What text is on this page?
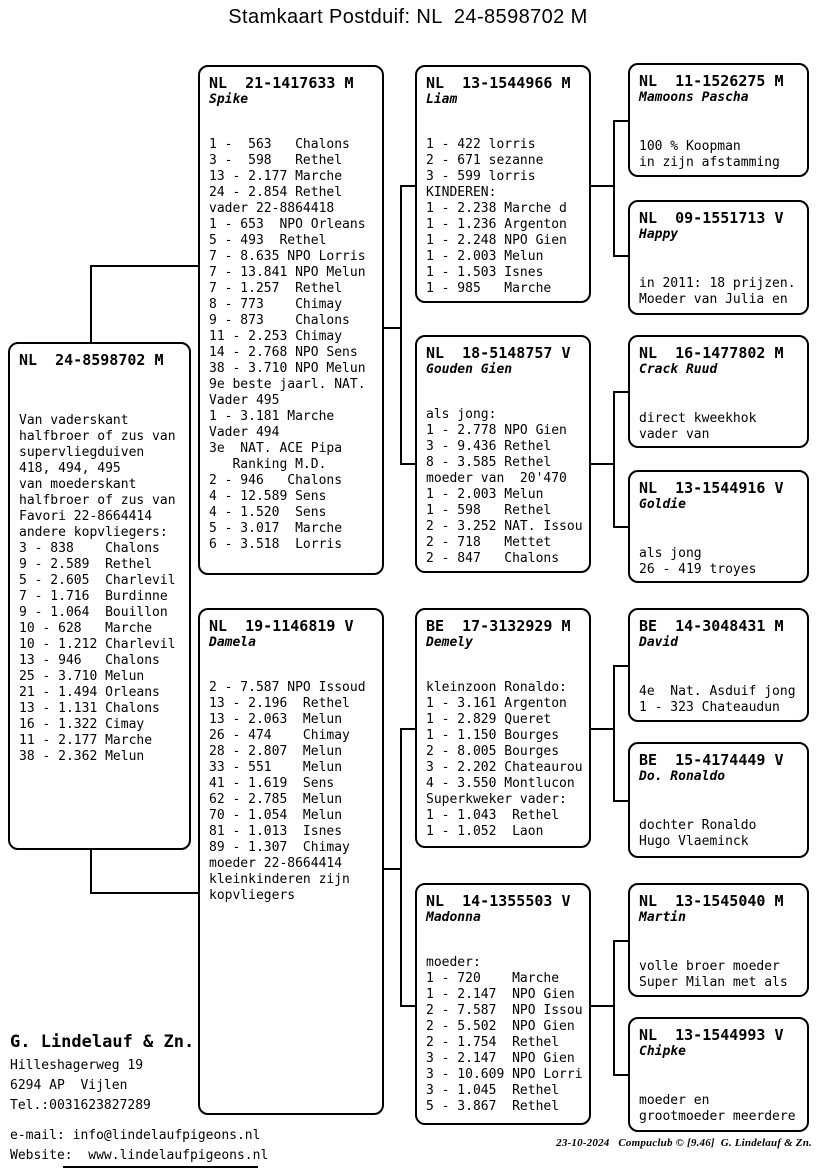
Stamkaart Postduif: NL  24-8598702 M
NL  24-8598702 M
Van vaderskant
halfbroer of zus van
supervliegduiven
418, 494, 495
van moederskant
halfbroer of zus van
Favori 22-8664414
andere kopvliegers:
3 - 838    Chalons
9 - 2.589  Rethel
5 - 2.605  Charlevil
7 - 1.716  Burdinne
9 - 1.064  Bouillon
10 - 628   Marche
10 - 1.212 Charlevil
13 - 946   Chalons
25 - 3.710 Melun
21 - 1.494 Orleans
13 - 1.131 Chalons
16 - 1.322 Cimay
11 - 2.177 Marche
38 - 2.362 Melun
NL  21-1417633 M
Spike
1 -  563   Chalons
3 -  598   Rethel
13 - 2.177 Marche
24 - 2.854 Rethel
vader 22-8864418
1 - 653  NPO Orleans
5 - 493  Rethel
7 - 8.635 NPO Lorris
7 - 13.841 NPO Melun
7 - 1.257  Rethel
8 - 773    Chimay
9 - 873    Chalons
11 - 2.253 Chimay
14 - 2.768 NPO Sens
38 - 3.710 NPO Melun
9e beste jaarl. NAT.
Vader 495
1 - 3.181 Marche
Vader 494
3e  NAT. ACE Pipa
Ranking M.D.
2 - 946   Chalons
4 - 12.589 Sens
4 - 1.520  Sens
5 - 3.017  Marche
6 - 3.518  Lorris
NL  19-1146819 V
Damela
2 - 7.587 NPO Issoud
13 - 2.196  Rethel
13 - 2.063  Melun
26 - 474    Chimay
28 - 2.807  Melun
33 - 551    Melun
41 - 1.619  Sens
62 - 2.785  Melun
70 - 1.054  Melun
81 - 1.013  Isnes
89 - 1.307  Chimay
moeder 22-8664414
kleinkinderen zijn
kopvliegers
NL  13-1544966 M
Liam
1 - 422 lorris
2 - 671 sezanne
3 - 599 lorris
KINDEREN:
1 - 2.238 Marche d
1 - 1.236 Argenton
1 - 2.248 NPO Gien
1 - 2.003 Melun
1 - 1.503 Isnes
1 - 985   Marche
NL  18-5148757 V
Gouden Gien
als jong:
1 - 2.778 NPO Gien
3 - 9.436 Rethel
8 - 3.585 Rethel
moeder van  20'470
1 - 2.003 Melun
1 - 598   Rethel
2 - 3.252 NAT. Issou
2 - 718   Mettet
2 - 847   Chalons
BE  17-3132929 M
Demely
kleinzoon Ronaldo:
1 - 3.161 Argenton
1 - 2.829 Queret
1 - 1.150 Bourges
2 - 8.005 Bourges
3 - 2.202 Chateaurou
4 - 3.550 Montlucon
Superkweker vader:
1 - 1.043  Rethel
1 - 1.052  Laon
NL  14-1355503 V
Madonna
moeder:
1 - 720    Marche
1 - 2.147  NPO Gien
2 - 7.587  NPO Issou
2 - 5.502  NPO Gien
2 - 1.754  Rethel
3 - 2.147  NPO Gien
3 - 10.609 NPO Lorri
3 - 1.045  Rethel
5 - 3.867  Rethel
NL  11-1526275 M
Mamoons Pascha
100 % Koopman
in zijn afstamming
NL  09-1551713 V
Happy
in 2011: 18 prijzen.
Moeder van Julia en
NL  16-1477802 M
Crack Ruud
direct kweekhok
vader van
NL  13-1544916 V
Goldie
als jong
26 - 419 troyes
BE  14-3048431 M
David
4e  Nat. Asduif jong
1 - 323 Chateaudun
BE  15-4174449 V
Do. Ronaldo
dochter Ronaldo
Hugo Vlaeminck
NL  13-1545040 M
Martin
volle broer moeder
Super Milan met als
NL  13-1544993 V
Chipke
moeder en
grootmoeder meerdere
G. Lindelauf & Zn.
Hilleshagerweg 19
6294 AP  Vijlen
Tel.:0031623827289
e-mail: info@lindelaufpigeons.nl
Website:  www.lindelaufpigeons.nl
23-10-2024   Compuclub © [9.46]  G. Lindelauf & Zn.
